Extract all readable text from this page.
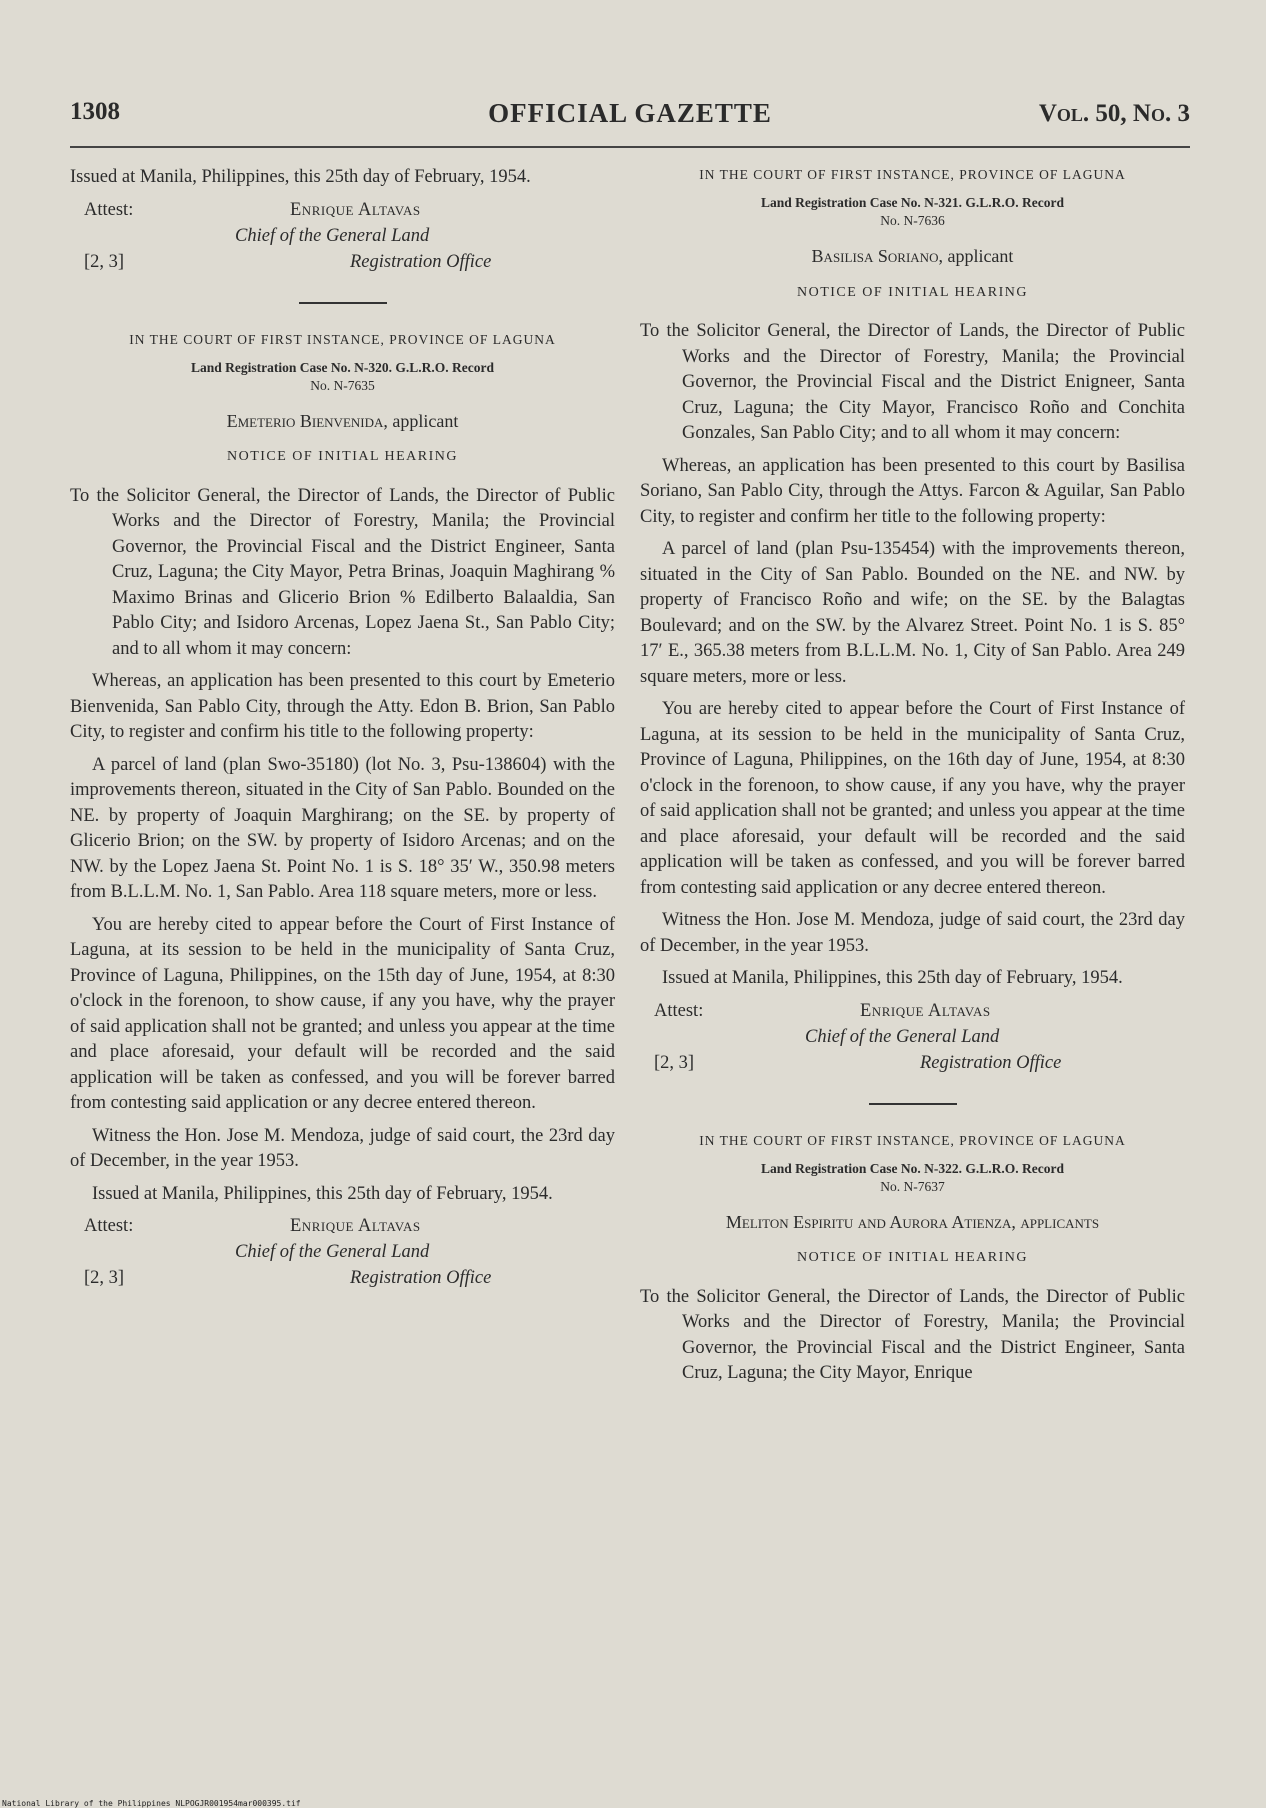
1308	OFFICIAL GAZETTE	Vol. 50, No. 3

Issued at Manila, Philippines, this 25th day of February, 1954.

Attest:	Enrique Altavas
Chief of the General Land
[2, 3]	Registration Office

IN THE COURT OF FIRST INSTANCE, PROVINCE OF LAGUNA

Land Registration Case No. N-320. G.L.R.O. Record
No. N-7635

Emeterio Bienvenida, applicant

NOTICE OF INITIAL HEARING

To the Solicitor General, the Director of Lands, the Director of Public Works and the Director of Forestry, Manila; the Provincial Governor, the Provincial Fiscal and the District Engineer, Santa Cruz, Laguna; the City Mayor, Petra Brinas, Joaquin Maghirang % Maximo Brinas and Glicerio Brion % Edilberto Balaaldia, San Pablo City; and Isidoro Arcenas, Lopez Jaena St., San Pablo City; and to all whom it may concern:

Whereas, an application has been presented to this court by Emeterio Bienvenida, San Pablo City, through the Atty. Edon B. Brion, San Pablo City, to register and confirm his title to the following property:

A parcel of land (plan Swo-35180) (lot No. 3, Psu-138604) with the improvements thereon, situated in the City of San Pablo. Bounded on the NE. by property of Joaquin Marghirang; on the SE. by property of Glicerio Brion; on the SW. by property of Isidoro Arcenas; and on the NW. by the Lopez Jaena St. Point No. 1 is S. 18° 35′ W., 350.98 meters from B.L.L.M. No. 1, San Pablo. Area 118 square meters, more or less.

You are hereby cited to appear before the Court of First Instance of Laguna, at its session to be held in the municipality of Santa Cruz, Province of Laguna, Philippines, on the 15th day of June, 1954, at 8:30 o'clock in the forenoon, to show cause, if any you have, why the prayer of said application shall not be granted; and unless you appear at the time and place aforesaid, your default will be recorded and the said application will be taken as confessed, and you will be forever barred from contesting said application or any decree entered thereon.

Witness the Hon. Jose M. Mendoza, judge of said court, the 23rd day of December, in the year 1953.

Issued at Manila, Philippines, this 25th day of February, 1954.

Attest:	Enrique Altavas
Chief of the General Land
[2, 3]	Registration Office

IN THE COURT OF FIRST INSTANCE, PROVINCE OF LAGUNA

Land Registration Case No. N-321. G.L.R.O. Record
No. N-7636

Basilisa Soriano, applicant

NOTICE OF INITIAL HEARING

To the Solicitor General, the Director of Lands, the Director of Public Works and the Director of Forestry, Manila; the Provincial Governor, the Provincial Fiscal and the District Enigneer, Santa Cruz, Laguna; the City Mayor, Francisco Roño and Conchita Gonzales, San Pablo City; and to all whom it may concern:

Whereas, an application has been presented to this court by Basilisa Soriano, San Pablo City, through the Attys. Farcon & Aguilar, San Pablo City, to register and confirm her title to the following property:

A parcel of land (plan Psu-135454) with the improvements thereon, situated in the City of San Pablo. Bounded on the NE. and NW. by property of Francisco Roño and wife; on the SE. by the Balagtas Boulevard; and on the SW. by the Alvarez Street. Point No. 1 is S. 85° 17′ E., 365.38 meters from B.L.L.M. No. 1, City of San Pablo. Area 249 square meters, more or less.

You are hereby cited to appear before the Court of First Instance of Laguna, at its session to be held in the municipality of Santa Cruz, Province of Laguna, Philippines, on the 16th day of June, 1954, at 8:30 o'clock in the forenoon, to show cause, if any you have, why the prayer of said application shall not be granted; and unless you appear at the time and place aforesaid, your default will be recorded and the said application will be taken as confessed, and you will be forever barred from contesting said application or any decree entered thereon.

Witness the Hon. Jose M. Mendoza, judge of said court, the 23rd day of December, in the year 1953.

Issued at Manila, Philippines, this 25th day of February, 1954.

Attest:	Enrique Altavas
Chief of the General Land
[2, 3]	Registration Office

IN THE COURT OF FIRST INSTANCE, PROVINCE OF LAGUNA

Land Registration Case No. N-322. G.L.R.O. Record
No. N-7637

Meliton Espiritu and Aurora Atienza, applicants

NOTICE OF INITIAL HEARING

To the Solicitor General, the Director of Lands, the Director of Public Works and the Director of Forestry, Manila; the Provincial Governor, the Provincial Fiscal and the District Engineer, Santa Cruz, Laguna; the City Mayor, Enrique

National Library of the Philippines NLPOGJR001954mar000395.tif
